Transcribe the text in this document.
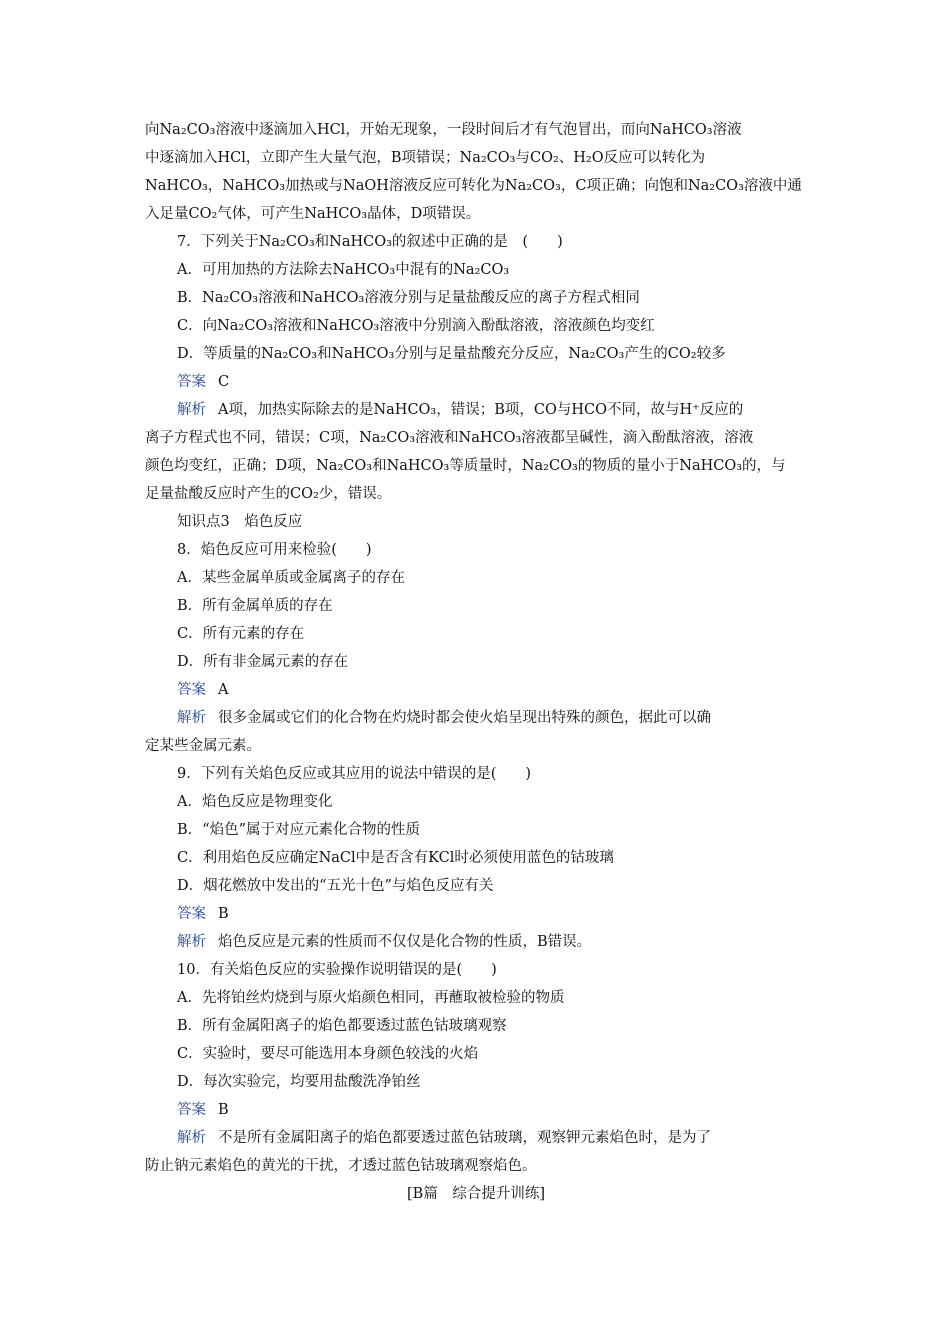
向Na₂CO₃溶液中逐滴加入HCl，开始无现象，一段时间后才有气泡冒出，而向NaHCO₃溶液
中逐滴加入HCl，立即产生大量气泡，B项错误；Na₂CO₃与CO₂、H₂O反应可以转化为
NaHCO₃，NaHCO₃加热或与NaOH溶液反应可转化为Na₂CO₃，C项正确；向饱和Na₂CO₃溶液中通
入足量CO₂气体，可产生NaHCO₃晶体，D项错误。
7．下列关于Na₂CO₃和NaHCO₃的叙述中正确的是　(　　)
A．可用加热的方法除去NaHCO₃中混有的Na₂CO₃
B．Na₂CO₃溶液和NaHCO₃溶液分别与足量盐酸反应的离子方程式相同
C．向Na₂CO₃溶液和NaHCO₃溶液中分别滴入酚酞溶液，溶液颜色均变红
D．等质量的Na₂CO₃和NaHCO₃分别与足量盐酸充分反应，Na₂CO₃产生的CO₂较多
答案 C
解析 A项，加热实际除去的是NaHCO₃，错误；B项，CO与HCO不同，故与H⁺反应的
离子方程式也不同，错误；C项，Na₂CO₃溶液和NaHCO₃溶液都呈碱性，滴入酚酞溶液，溶液
颜色均变红，正确；D项，Na₂CO₃和NaHCO₃等质量时，Na₂CO₃的物质的量小于NaHCO₃的，与
足量盐酸反应时产生的CO₂少，错误。
知识点3　焰色反应
8．焰色反应可用来检验(　　)
A．某些金属单质或金属离子的存在
B．所有金属单质的存在
C．所有元素的存在
D．所有非金属元素的存在
答案 A
解析 很多金属或它们的化合物在灼烧时都会使火焰呈现出特殊的颜色，据此可以确
定某些金属元素。
9．下列有关焰色反应或其应用的说法中错误的是(　　)
A．焰色反应是物理变化
B．“焰色”属于对应元素化合物的性质
C．利用焰色反应确定NaCl中是否含有KCl时必须使用蓝色的钴玻璃
D．烟花燃放中发出的“五光十色”与焰色反应有关
答案 B
解析 焰色反应是元素的性质而不仅仅是化合物的性质，B错误。
10．有关焰色反应的实验操作说明错误的是(　　)
A．先将铂丝灼烧到与原火焰颜色相同，再蘸取被检验的物质
B．所有金属阳离子的焰色都要透过蓝色钴玻璃观察
C．实验时，要尽可能选用本身颜色较浅的火焰
D．每次实验完，均要用盐酸洗净铂丝
答案 B
解析 不是所有金属阳离子的焰色都要透过蓝色钴玻璃，观察钾元素焰色时，是为了
防止钠元素焰色的黄光的干扰，才透过蓝色钴玻璃观察焰色。
[B篇　综合提升训练]
